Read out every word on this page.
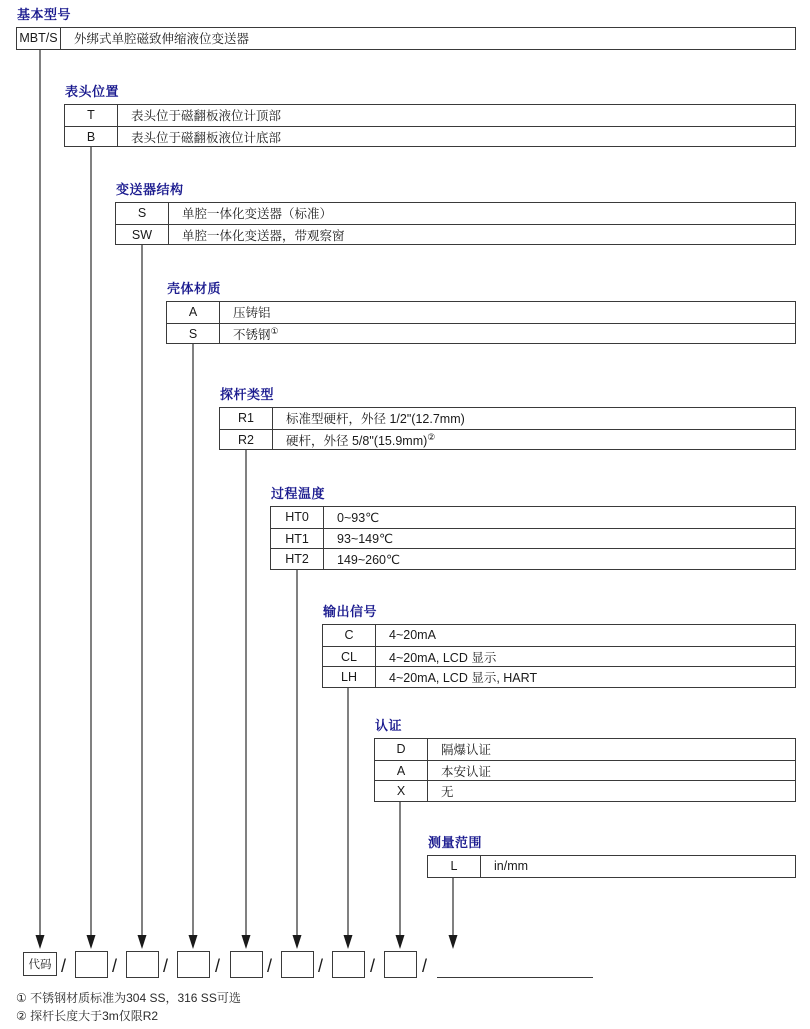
基本型号
MBT/S	外绑式单腔磁致伸缩液位变送器
表头位置
T	表头位于磁翻板液位计顶部
B	表头位于磁翻板液位计底部
变送器结构
S	单腔一体化变送器（标准）
SW	单腔一体化变送器，带观察窗
壳体材质
A	压铸铝
S	不锈钢①
探杆类型
R1	标准型硬杆，外径 1/2"(12.7mm)
R2	硬杆，外径 5/8"(15.9mm)②
过程温度
HT0	0~93℃
HT1	93~149℃
HT2	149~260℃
输出信号
C	4~20mA
CL	4~20mA, LCD 显示
LH	4~20mA, LCD 显示, HART
认证
D	隔爆认证
A	本安认证
X	无
测量范围
L	in/mm
代码 /	/	/	/	/	/	/	/
① 不锈钢材质标准为304 SS，316 SS可选
② 探杆长度大于3m仅限R2
